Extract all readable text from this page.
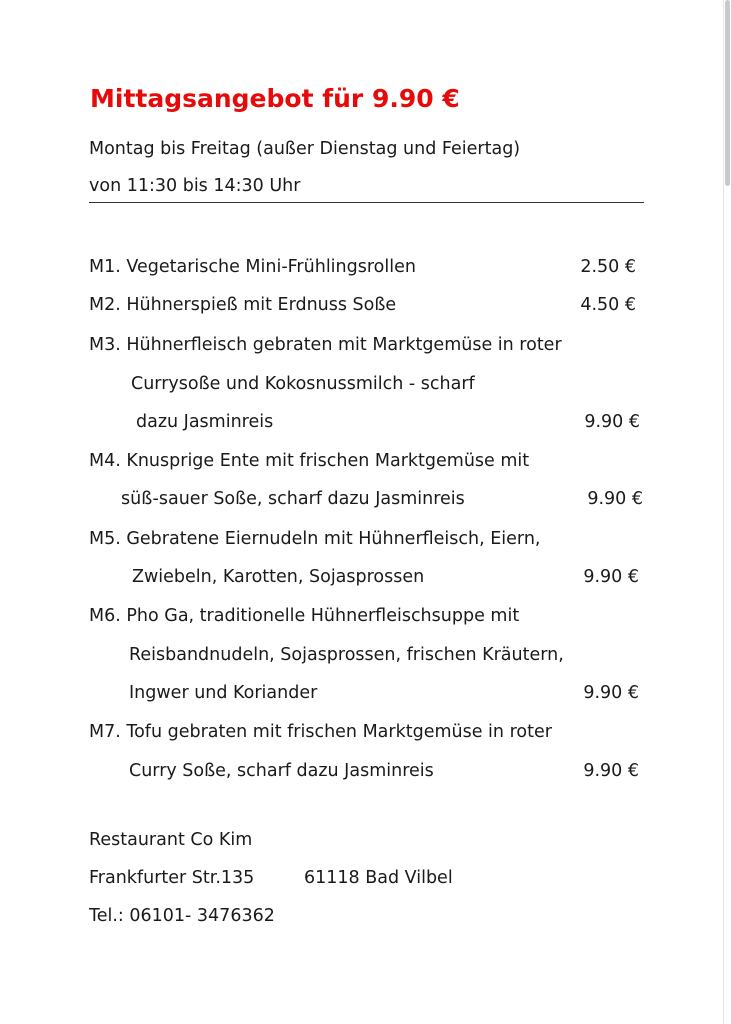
Mittagsangebot für 9.90 €
Montag bis Freitag (außer Dienstag und Feiertag)
von 11:30 bis 14:30 Uhr
M1. Vegetarische Mini-Frühlingsrollen	2.50 €
M2. Hühnerspieß mit Erdnuss Soße	4.50 €
M3. Hühnerfleisch gebraten mit Marktgemüse in roter
Currysoße und Kokosnussmilch - scharf
dazu Jasminreis	9.90 €
M4. Knusprige Ente mit frischen Marktgemüse mit
süß-sauer Soße, scharf dazu Jasminreis	9.90 €
M5. Gebratene Eiernudeln mit Hühnerfleisch, Eiern,
Zwiebeln, Karotten, Sojasprossen	9.90 €
M6. Pho Ga, traditionelle Hühnerfleischsuppe mit
Reisbandnudeln, Sojasprossen, frischen Kräutern,
Ingwer und Koriander	9.90 €
M7. Tofu gebraten mit frischen Marktgemüse in roter
Curry Soße, scharf dazu Jasminreis	9.90 €
Restaurant Co Kim
Frankfurter Str.135	61118 Bad Vilbel
Tel.: 06101- 3476362
